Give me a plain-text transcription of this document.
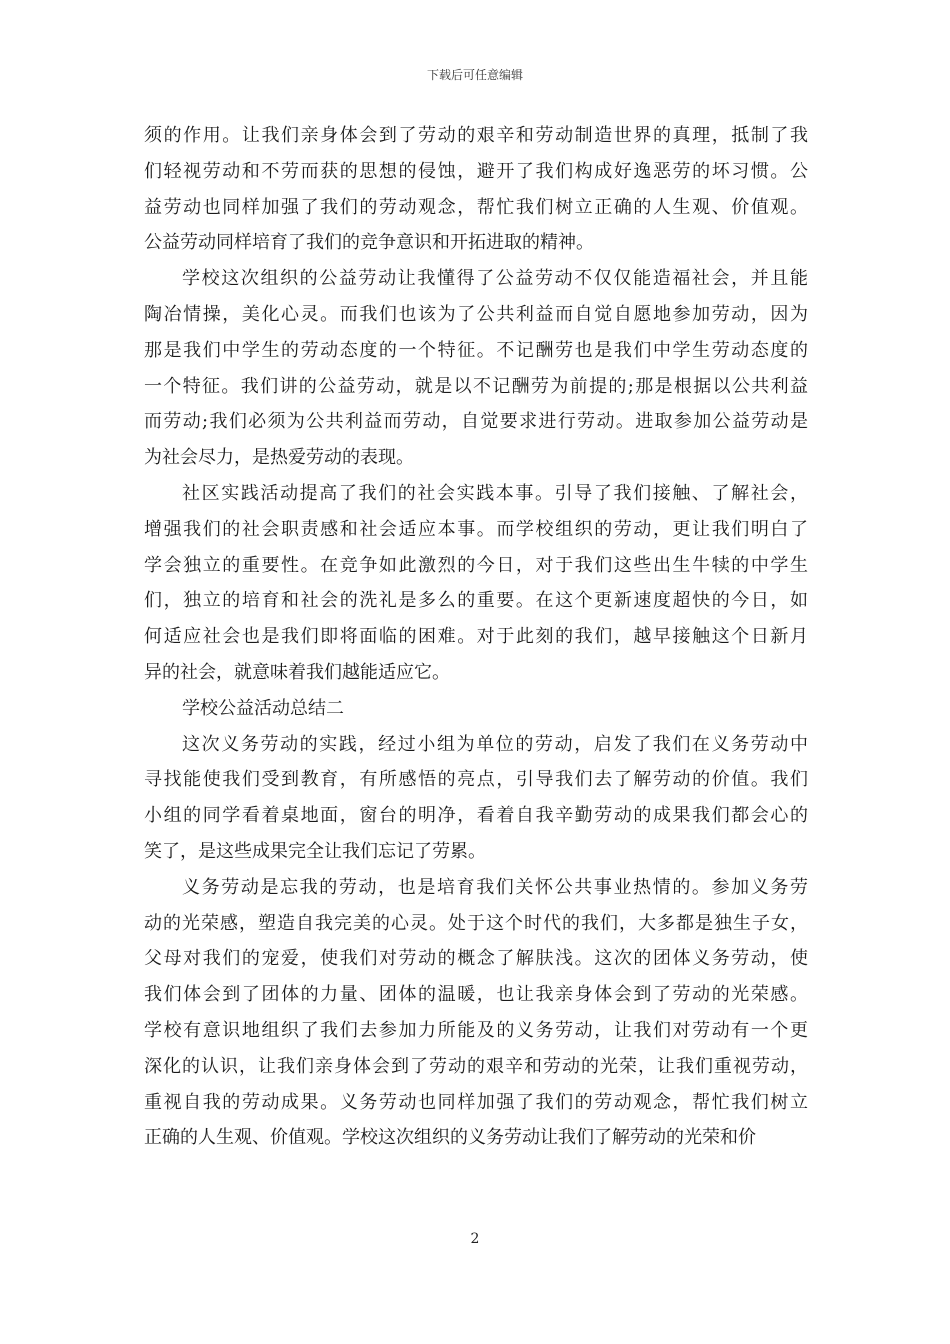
下载后可任意编辑

须的作用。让我们亲身体会到了劳动的艰辛和劳动制造世界的真理，抵制了我
们轻视劳动和不劳而获的思想的侵蚀，避开了我们构成好逸恶劳的坏习惯。公
益劳动也同样加强了我们的劳动观念，帮忙我们树立正确的人生观、价值观。
公益劳动同样培育了我们的竞争意识和开拓进取的精神。

学校这次组织的公益劳动让我懂得了公益劳动不仅仅能造福社会，并且能
陶冶情操，美化心灵。而我们也该为了公共利益而自觉自愿地参加劳动，因为
那是我们中学生的劳动态度的一个特征。不记酬劳也是我们中学生劳动态度的
一个特征。我们讲的公益劳动，就是以不记酬劳为前提的;那是根据以公共利益
而劳动;我们必须为公共利益而劳动，自觉要求进行劳动。进取参加公益劳动是
为社会尽力，是热爱劳动的表现。

社区实践活动提高了我们的社会实践本事。引导了我们接触、了解社会，
增强我们的社会职责感和社会适应本事。而学校组织的劳动，更让我们明白了
学会独立的重要性。在竞争如此激烈的今日，对于我们这些出生牛犊的中学生
们，独立的培育和社会的洗礼是多么的重要。在这个更新速度超快的今日，如
何适应社会也是我们即将面临的困难。对于此刻的我们，越早接触这个日新月
异的社会，就意味着我们越能适应它。

学校公益活动总结二

这次义务劳动的实践，经过小组为单位的劳动，启发了我们在义务劳动中
寻找能使我们受到教育，有所感悟的亮点，引导我们去了解劳动的价值。我们
小组的同学看着桌地面，窗台的明净，看着自我辛勤劳动的成果我们都会心的
笑了，是这些成果完全让我们忘记了劳累。

义务劳动是忘我的劳动，也是培育我们关怀公共事业热情的。参加义务劳
动的光荣感，塑造自我完美的心灵。处于这个时代的我们，大多都是独生子女，
父母对我们的宠爱，使我们对劳动的概念了解肤浅。这次的团体义务劳动，使
我们体会到了团体的力量、团体的温暖，也让我亲身体会到了劳动的光荣感。
学校有意识地组织了我们去参加力所能及的义务劳动，让我们对劳动有一个更
深化的认识，让我们亲身体会到了劳动的艰辛和劳动的光荣，让我们重视劳动，
重视自我的劳动成果。义务劳动也同样加强了我们的劳动观念，帮忙我们树立
正确的人生观、价值观。学校这次组织的义务劳动让我们了解劳动的光荣和价

2
